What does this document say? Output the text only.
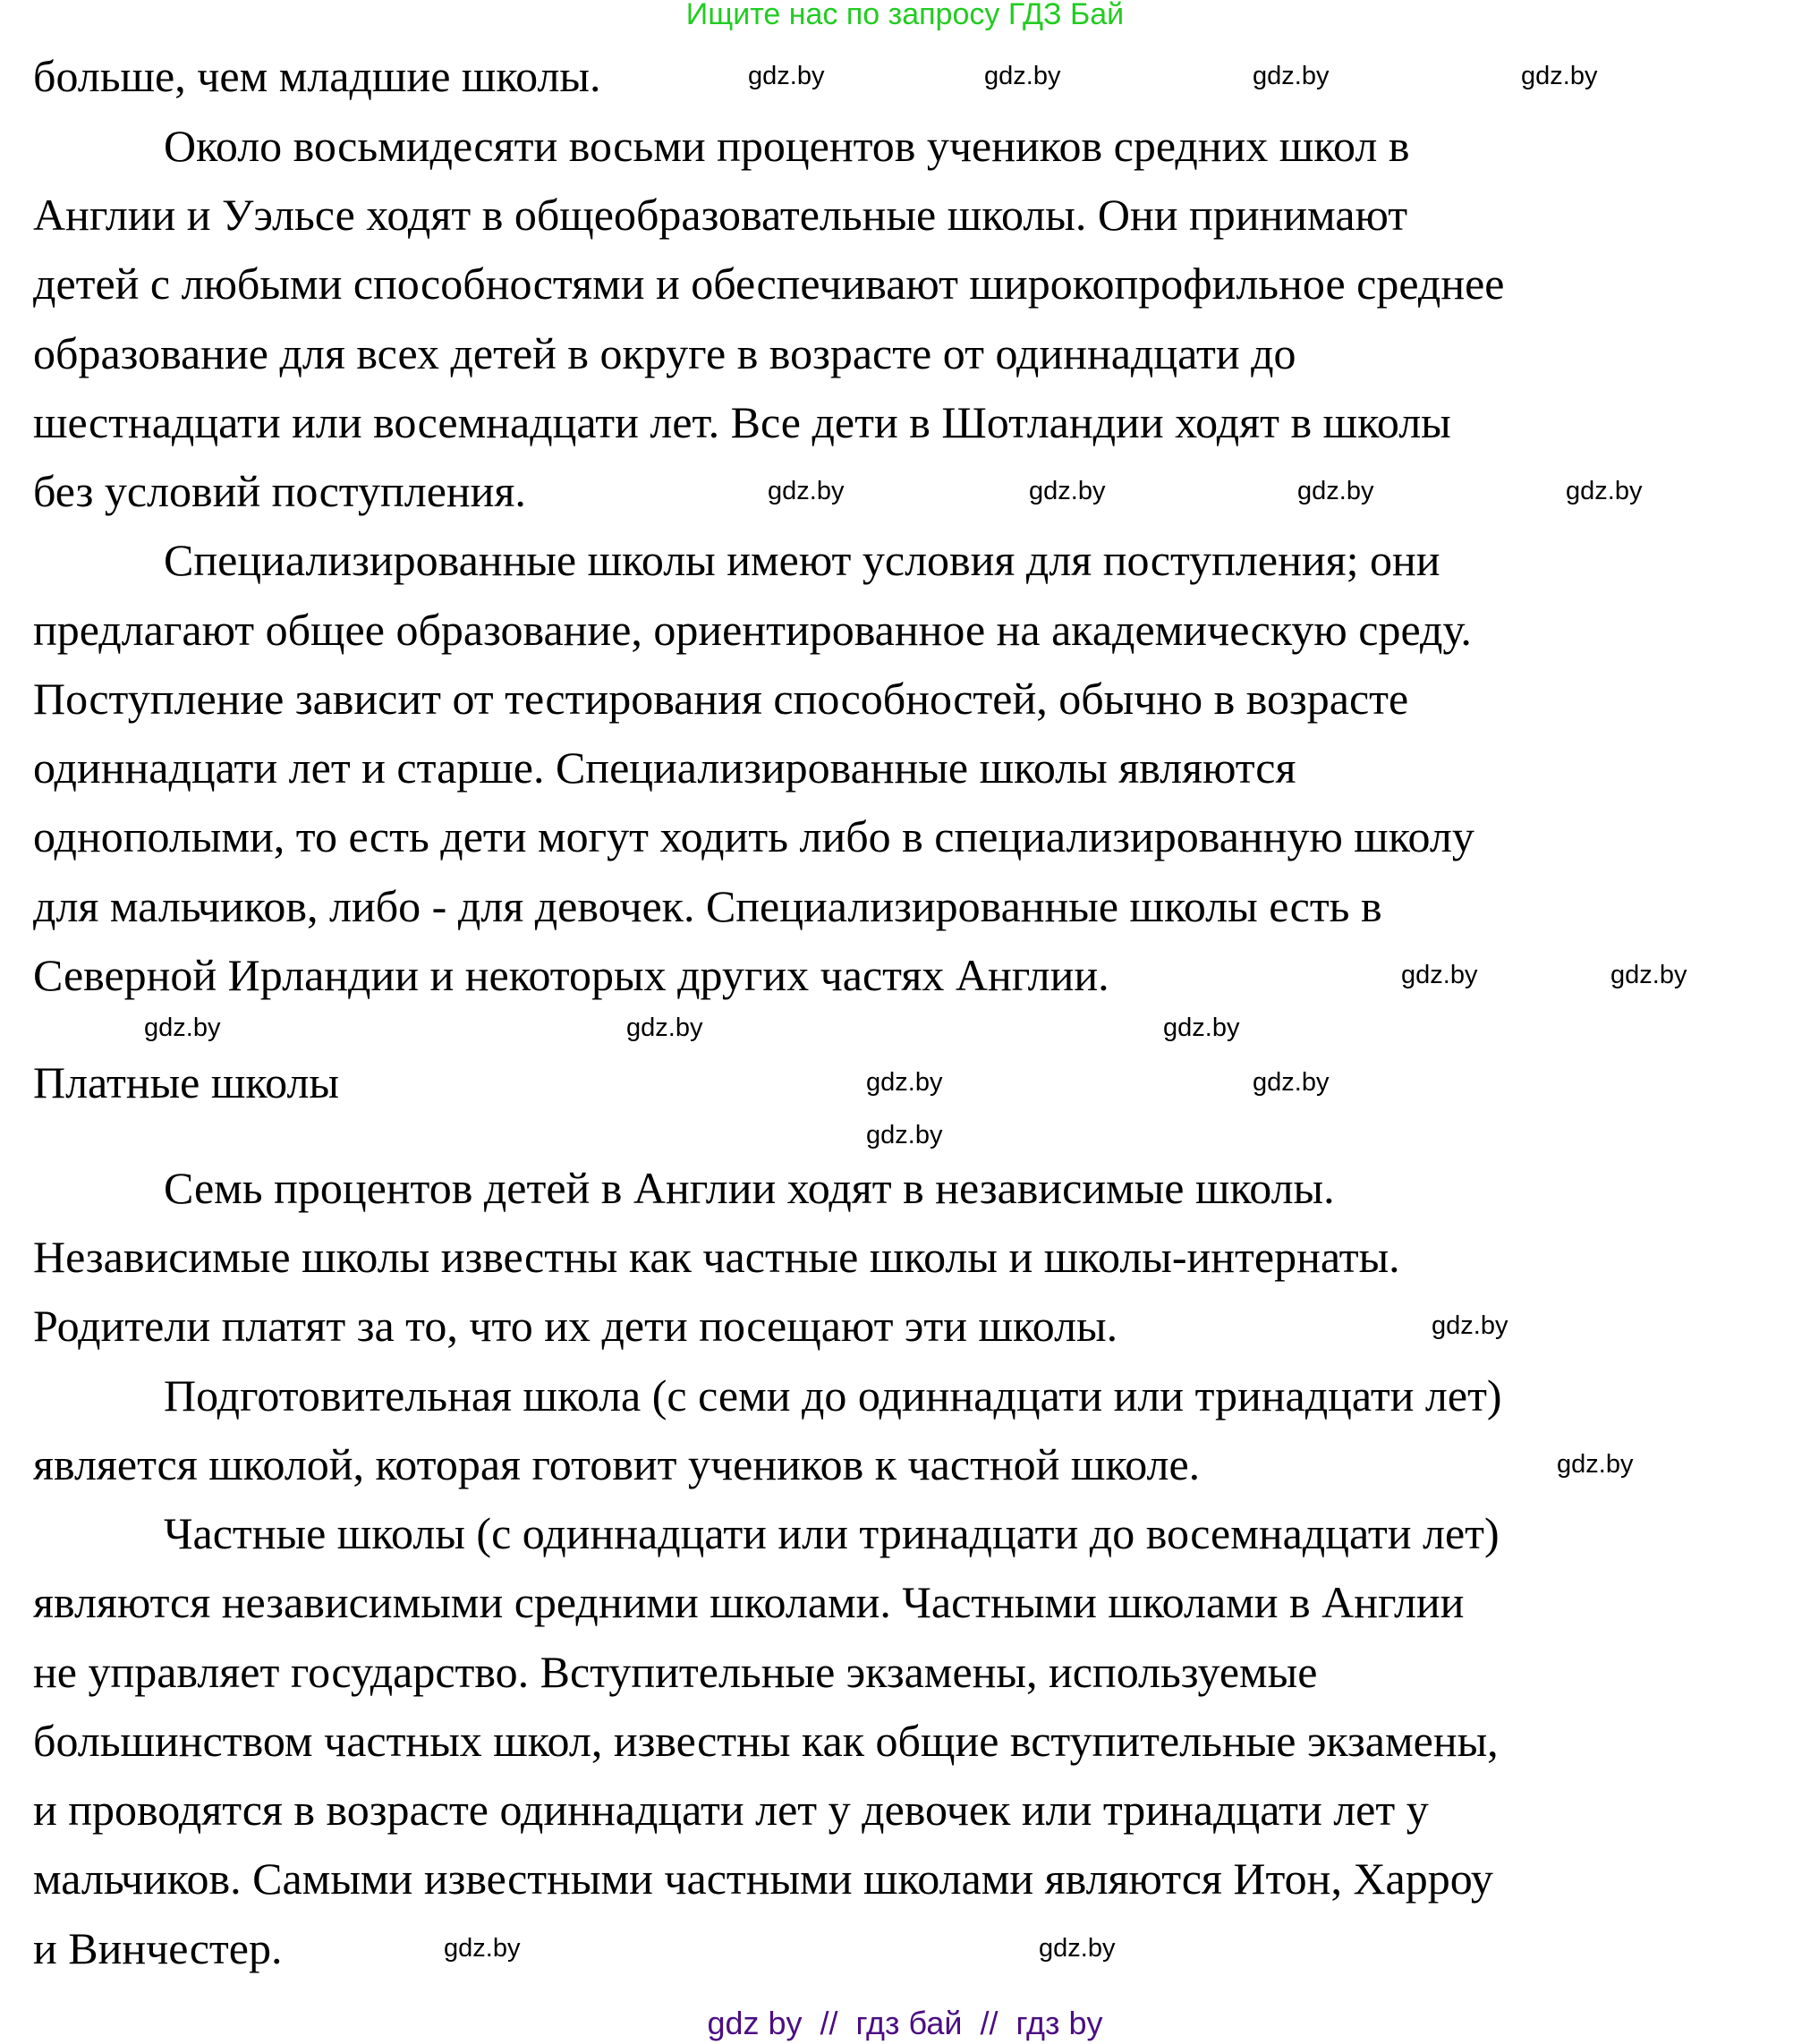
Ищите нас по запросу ГДЗ Бай
больше, чем младшие школы.
Около восьмидесяти восьми процентов учеников средних школ в
Англии и Уэльсе ходят в общеобразовательные школы. Они принимают
детей с любыми способностями и обеспечивают широкопрофильное среднее
образование для всех детей в округе в возрасте от одиннадцати до
шестнадцати или восемнадцати лет. Все дети в Шотландии ходят в школы
без условий поступления.
Специализированные школы имеют условия для поступления; они
предлагают общее образование, ориентированное на академическую среду.
Поступление зависит от тестирования способностей, обычно в возрасте
одиннадцати лет и старше. Специализированные школы являются
однополыми, то есть дети могут ходить либо в специализированную школу
для мальчиков, либо - для девочек. Специализированные школы есть в
Северной Ирландии и некоторых других частях Англии.
Платные школы
Семь процентов детей в Англии ходят в независимые школы.
Независимые школы известны как частные школы и школы-интернаты.
Родители платят за то, что их дети посещают эти школы.
Подготовительная школа (с семи до одиннадцати или тринадцати лет)
является школой, которая готовит учеников к частной школе.
Частные школы (с одиннадцати или тринадцати до восемнадцати лет)
являются независимыми средними школами. Частными школами в Англии
не управляет государство. Вступительные экзамены, используемые
большинством частных школ, известны как общие вступительные экзамены,
и проводятся в возрасте одиннадцати лет у девочек или тринадцати лет у
мальчиков. Самыми известными частными школами являются Итон, Харроу
и Винчестер.
gdz.by	gdz.by	gdz.by	gdz.by
gdz.by	gdz.by	gdz.by	gdz.by
gdz.by	gdz.by
gdz.by	gdz.by	gdz.by
gdz.by	gdz.by
gdz.by
gdz.by
gdz.by
gdz.by	gdz.by
gdz by  //  гдз бай  //  гдз by
